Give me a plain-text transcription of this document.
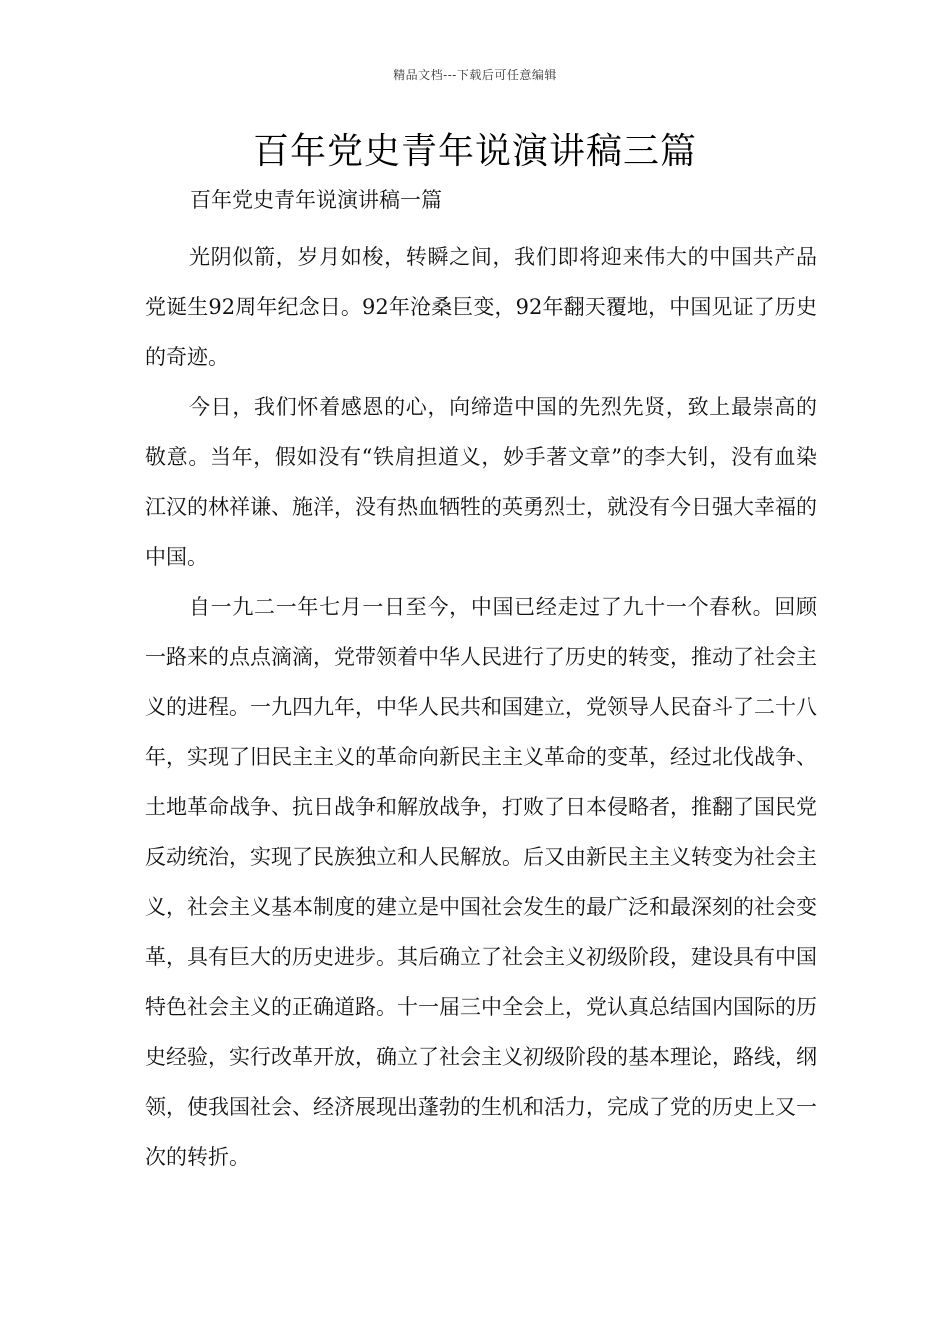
精品文档---下载后可任意编辑
百年党史青年说演讲稿三篇
百年党史青年说演讲稿一篇

光阴似箭，岁月如梭，转瞬之间，我们即将迎来伟大的中国共产品党诞生92周年纪念日。92年沧桑巨变，92年翻天覆地，中国见证了历史的奇迹。

今日，我们怀着感恩的心，向缔造中国的先烈先贤，致上最崇高的敬意。当年，假如没有“铁肩担道义，妙手著文章”的李大钊，没有血染江汉的林祥谦、施洋，没有热血牺牲的英勇烈士，就没有今日强大幸福的中国。

自一九二一年七月一日至今，中国已经走过了九十一个春秋。回顾一路来的点点滴滴，党带领着中华人民进行了历史的转变，推动了社会主义的进程。一九四九年，中华人民共和国建立，党领导人民奋斗了二十八年，实现了旧民主主义的革命向新民主主义革命的变革，经过北伐战争、土地革命战争、抗日战争和解放战争，打败了日本侵略者，推翻了国民党反动统治，实现了民族独立和人民解放。后又由新民主主义转变为社会主义，社会主义基本制度的建立是中国社会发生的最广泛和最深刻的社会变革，具有巨大的历史进步。其后确立了社会主义初级阶段，建设具有中国特色社会主义的正确道路。十一届三中全会上，党认真总结国内国际的历史经验，实行改革开放，确立了社会主义初级阶段的基本理论，路线，纲领，使我国社会、经济展现出蓬勃的生机和活力，完成了党的历史上又一次的转折。
